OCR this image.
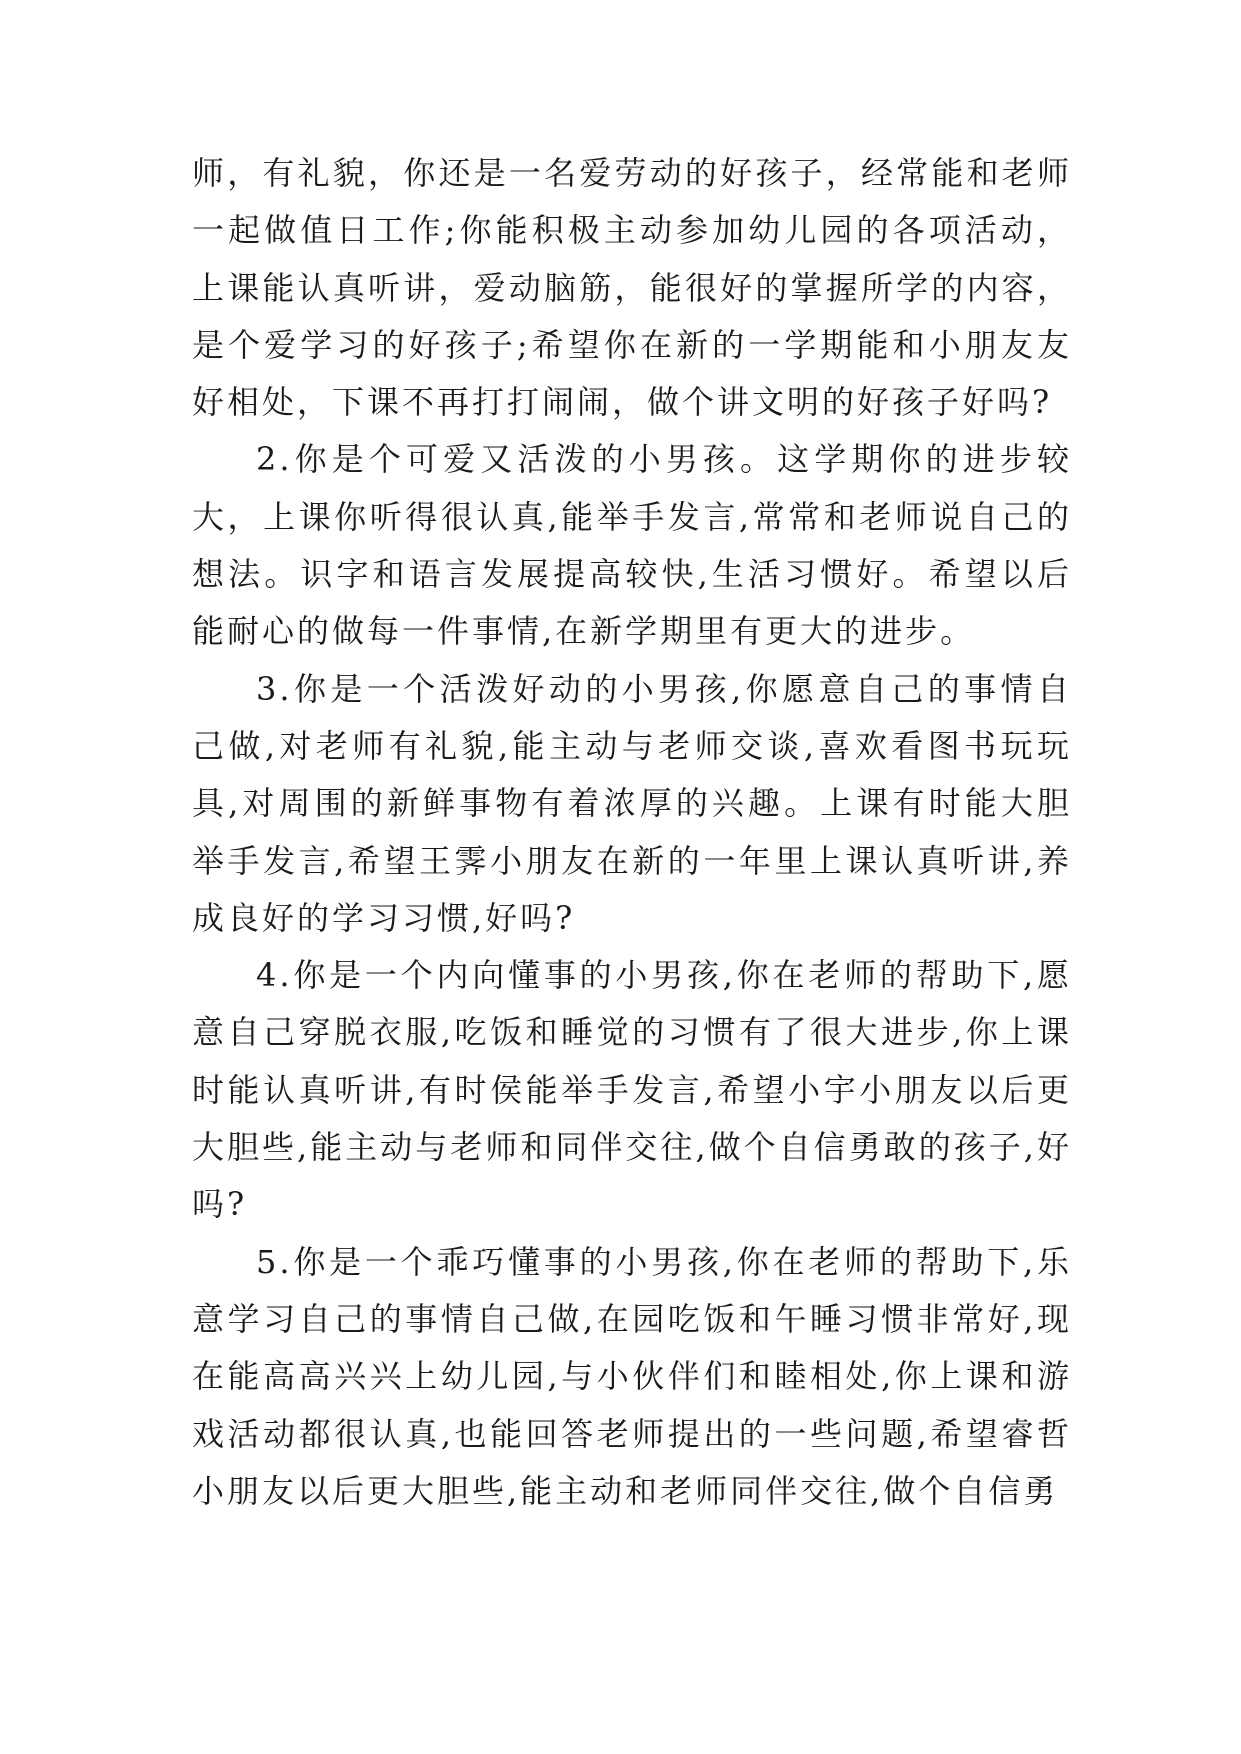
师，有礼貌，你还是一名爱劳动的好孩子，经常能和老师一起做值日工作;你能积极主动参加幼儿园的各项活动，上课能认真听讲，爱动脑筋，能很好的掌握所学的内容，是个爱学习的好孩子;希望你在新的一学期能和小朋友友好相处，下课不再打打闹闹，做个讲文明的好孩子好吗?

2.你是个可爱又活泼的小男孩。这学期你的进步较大，上课你听得很认真,能举手发言,常常和老师说自己的想法。识字和语言发展提高较快,生活习惯好。希望以后能耐心的做每一件事情,在新学期里有更大的进步。

3.你是一个活泼好动的小男孩,你愿意自己的事情自己做,对老师有礼貌,能主动与老师交谈,喜欢看图书玩玩具,对周围的新鲜事物有着浓厚的兴趣。上课有时能大胆举手发言,希望王霁小朋友在新的一年里上课认真听讲,养成良好的学习习惯,好吗?

4.你是一个内向懂事的小男孩,你在老师的帮助下,愿意自己穿脱衣服,吃饭和睡觉的习惯有了很大进步,你上课时能认真听讲,有时侯能举手发言,希望小宇小朋友以后更大胆些,能主动与老师和同伴交往,做个自信勇敢的孩子,好吗?

5.你是一个乖巧懂事的小男孩,你在老师的帮助下,乐意学习自己的事情自己做,在园吃饭和午睡习惯非常好,现在能高高兴兴上幼儿园,与小伙伴们和睦相处,你上课和游戏活动都很认真,也能回答老师提出的一些问题,希望睿哲小朋友以后更大胆些,能主动和老师同伴交往,做个自信勇
